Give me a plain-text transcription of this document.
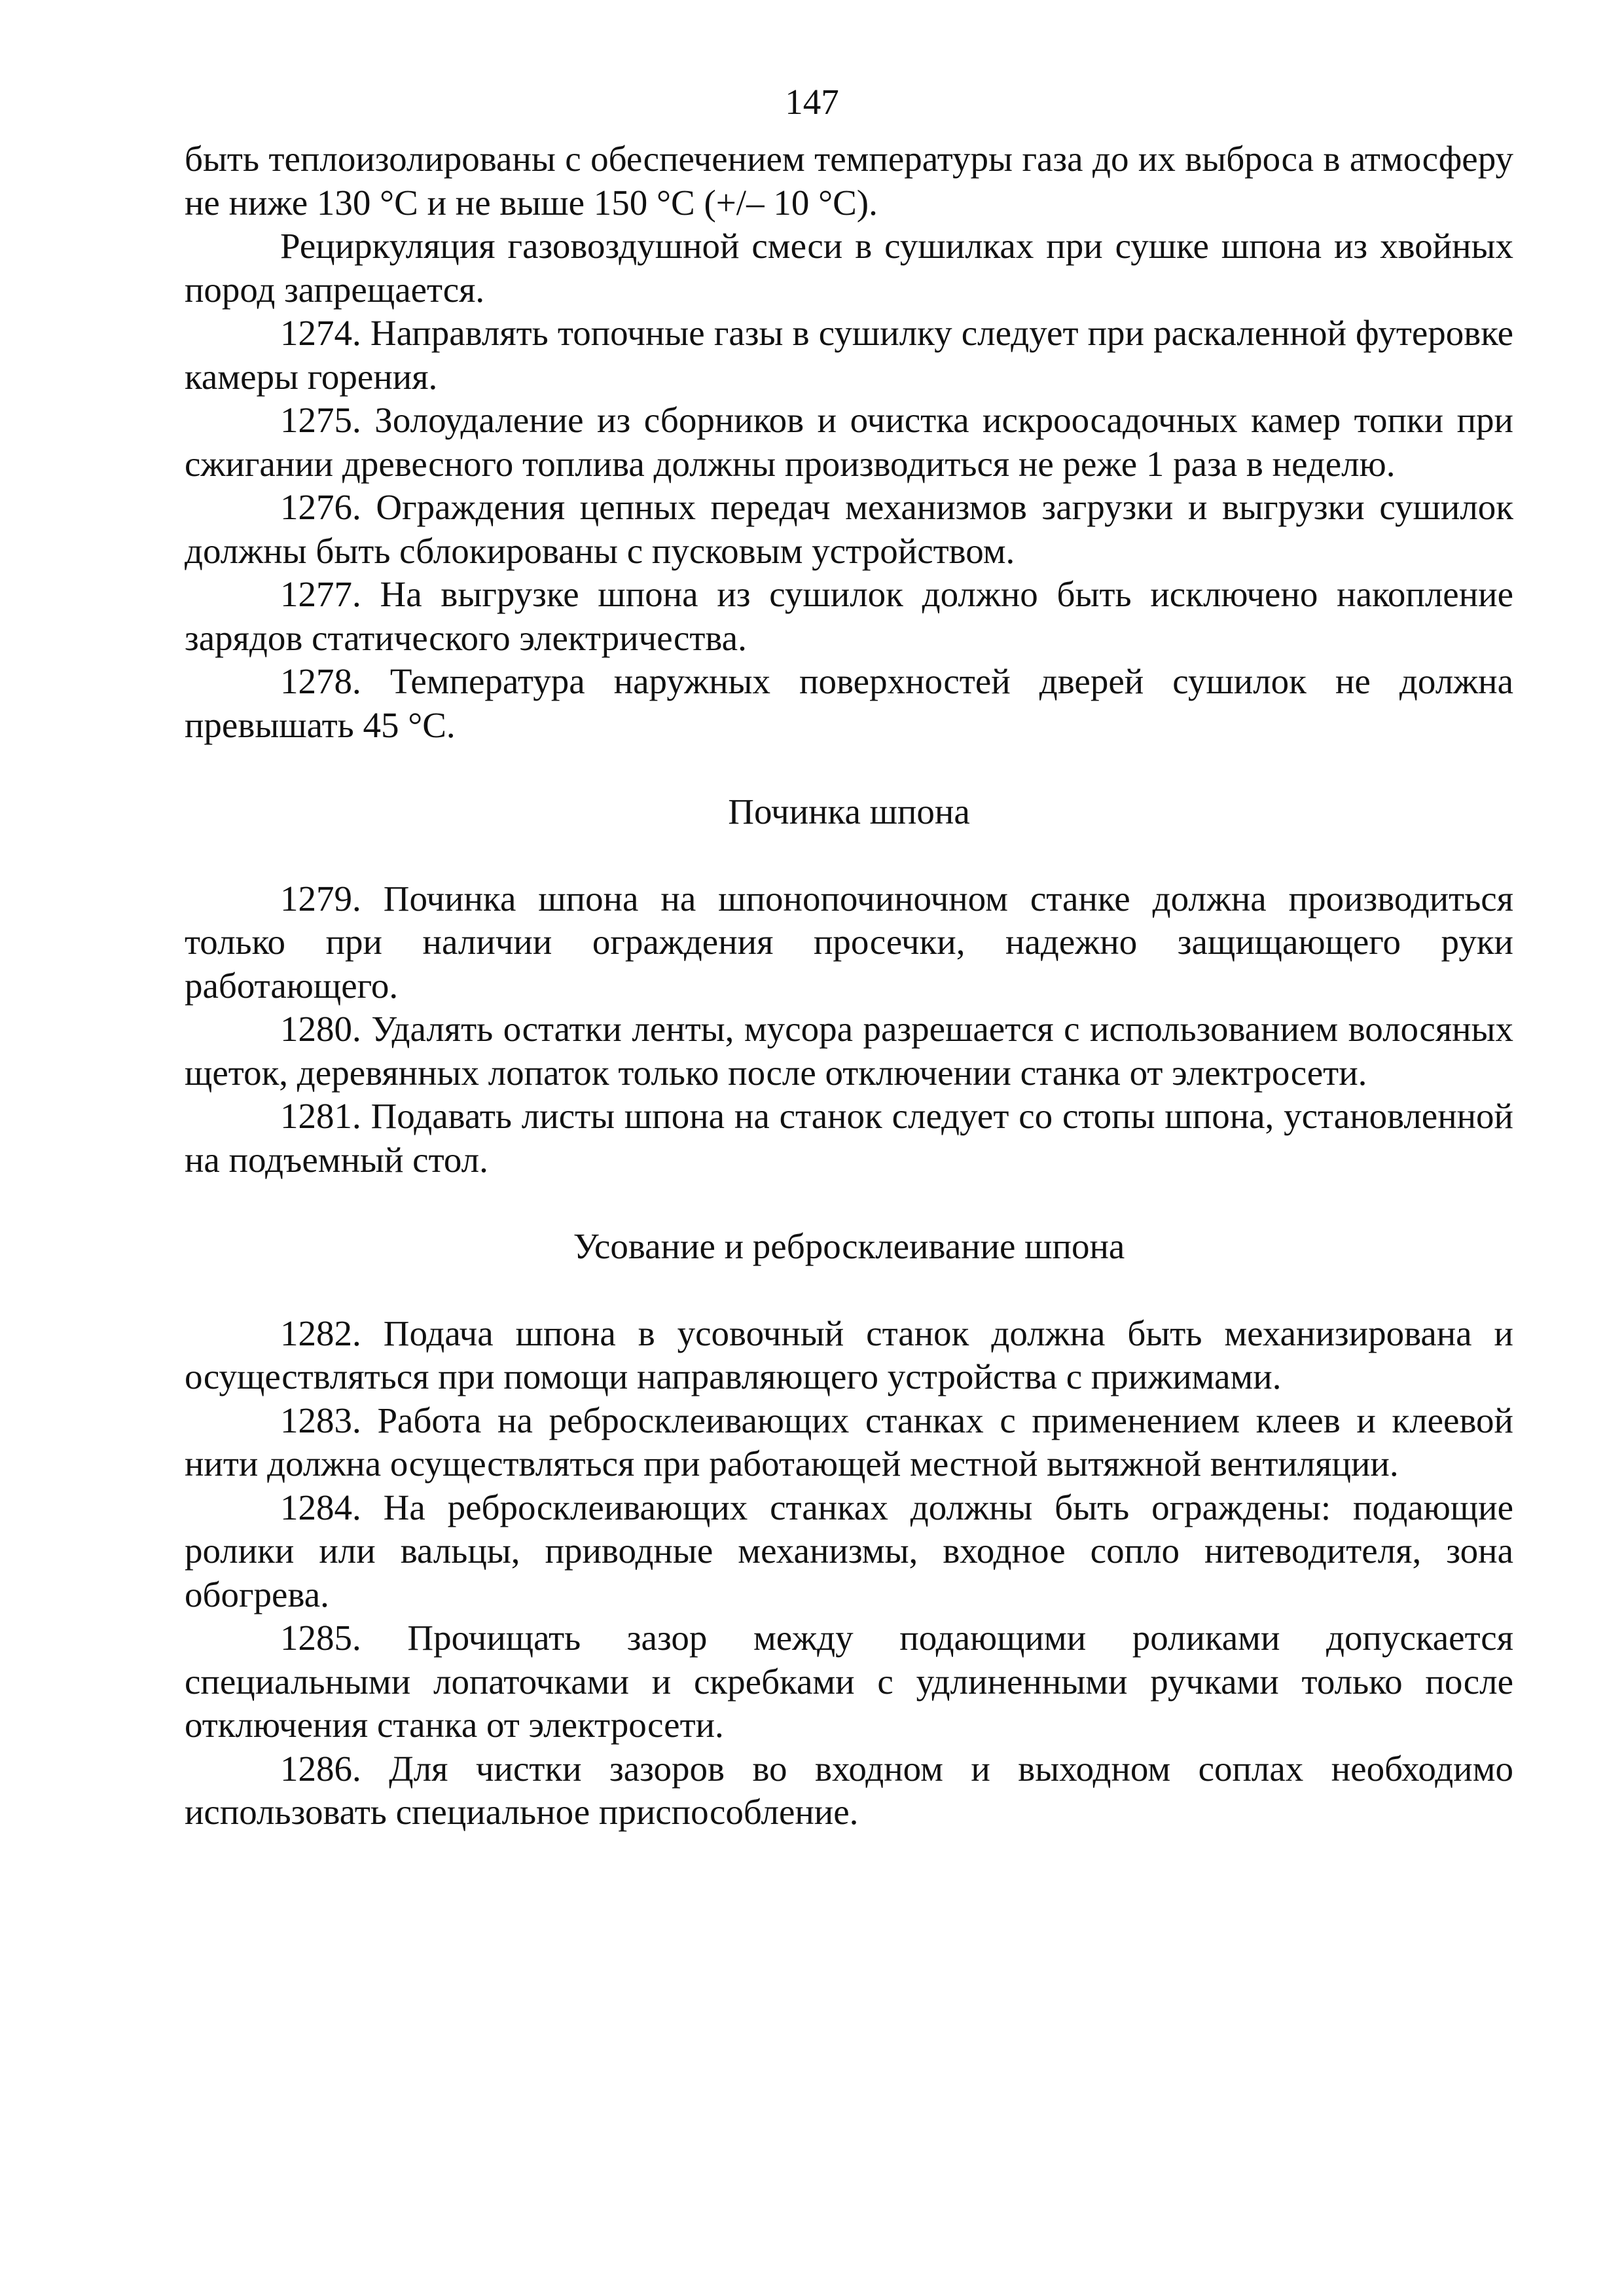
147

быть теплоизолированы с обеспечением температуры газа до их выброса в атмосферу не ниже 130 °С и не выше 150 °С (+/– 10 °С).

Рециркуляция газовоздушной смеси в сушилках при сушке шпона из хвойных пород запрещается.

1274. Направлять топочные газы в сушилку следует при раскаленной футеровке камеры горения.

1275. Золоудаление из сборников и очистка искроосадочных камер топки при сжигании древесного топлива должны производиться не реже 1 раза в неделю.

1276. Ограждения цепных передач механизмов загрузки и выгрузки сушилок должны быть сблокированы с пусковым устройством.

1277. На выгрузке шпона из сушилок должно быть исключено накопление зарядов статического электричества.

1278. Температура наружных поверхностей дверей сушилок не должна превышать 45 °С.

Починка шпона

1279. Починка шпона на шпонопочиночном станке должна производиться только при наличии ограждения просечки, надежно защищающего руки работающего.

1280. Удалять остатки ленты, мусора разрешается с использованием волосяных щеток, деревянных лопаток только после отключении станка от электросети.

1281. Подавать листы шпона на станок следует со стопы шпона, установленной на подъемный стол.

Усование и ребросклеивание шпона

1282. Подача шпона в усовочный станок должна быть механизирована и осуществляться при помощи направляющего устройства с прижимами.

1283. Работа на ребросклеивающих станках с применением клеев и клеевой нити должна осуществляться при работающей местной вытяжной вентиляции.

1284. На ребросклеивающих станках должны быть ограждены: подающие ролики или вальцы, приводные механизмы, входное сопло нитеводителя, зона обогрева.

1285. Прочищать зазор между подающими роликами допускается специальными лопаточками и скребками с удлиненными ручками только после отключения станка от электросети.

1286. Для чистки зазоров во входном и выходном соплах необходимо использовать специальное приспособление.
